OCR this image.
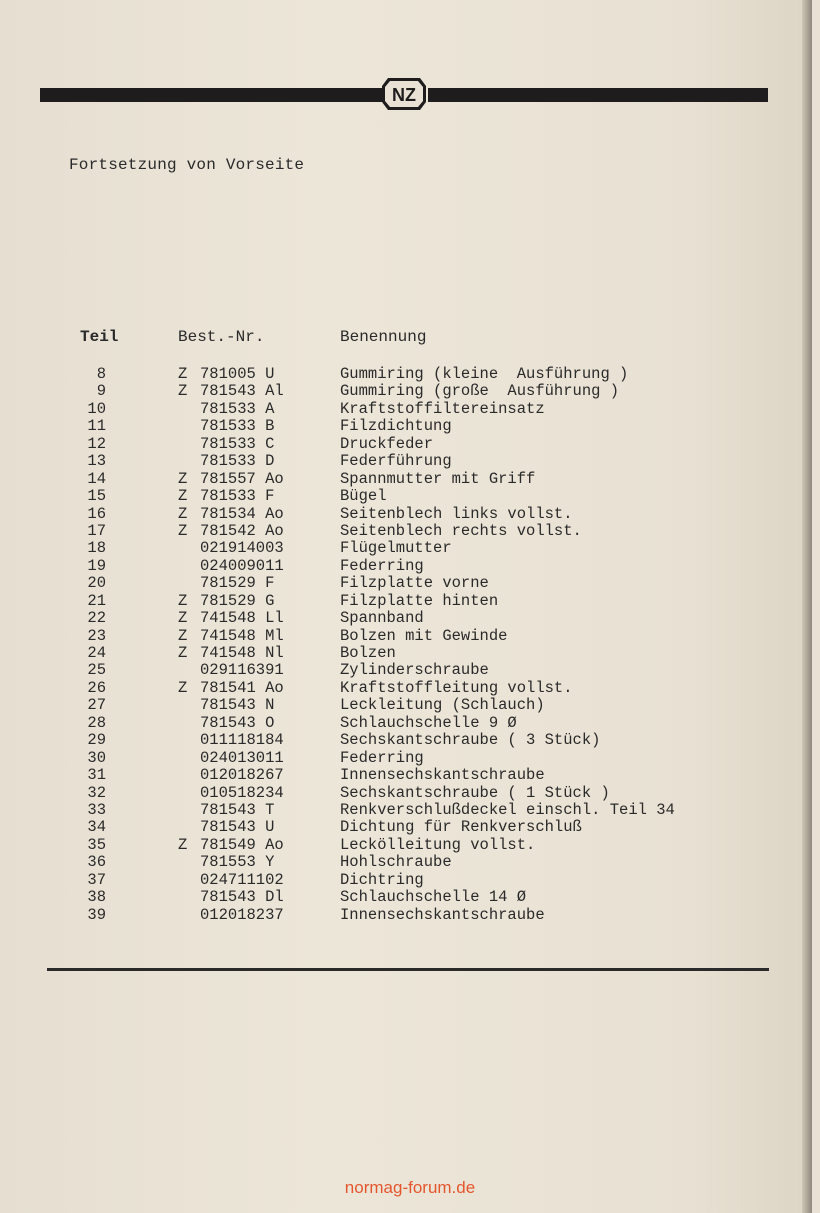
NZ
Fortsetzung von Vorseite
Teil	Best.-Nr.	Benennung
8	Z 781005 U	Gummiring (kleine  Ausführung )
9	Z 781543 Al	Gummiring (große  Ausführung )
10	781533 A	Kraftstoffiltereinsatz
11	781533 B	Filzdichtung
12	781533 C	Druckfeder
13	781533 D	Federführung
14	Z 781557 Ao	Spannmutter mit Griff
15	Z 781533 F	Bügel
16	Z 781534 Ao	Seitenblech links vollst.
17	Z 781542 Ao	Seitenblech rechts vollst.
18	021914003	Flügelmutter
19	024009011	Federring
20	781529 F	Filzplatte vorne
21	Z 781529 G	Filzplatte hinten
22	Z 741548 Ll	Spannband
23	Z 741548 Ml	Bolzen mit Gewinde
24	Z 741548 Nl	Bolzen
25	029116391	Zylinderschraube
26	Z 781541 Ao	Kraftstoffleitung vollst.
27	781543 N	Leckleitung (Schlauch)
28	781543 O	Schlauchschelle 9 Ø
29	011118184	Sechskantschraube ( 3 Stück)
30	024013011	Federring
31	012018267	Innensechskantschraube
32	010518234	Sechskantschraube ( 1 Stück )
33	781543 T	Renkverschlußdeckel einschl. Teil 34
34	781543 U	Dichtung für Renkverschluß
35	Z 781549 Ao	Leckölleitung vollst.
36	781553 Y	Hohlschraube
37	024711102	Dichtring
38	781543 Dl	Schlauchschelle 14 Ø
39	012018237	Innensechskantschraube
normag-forum.de
